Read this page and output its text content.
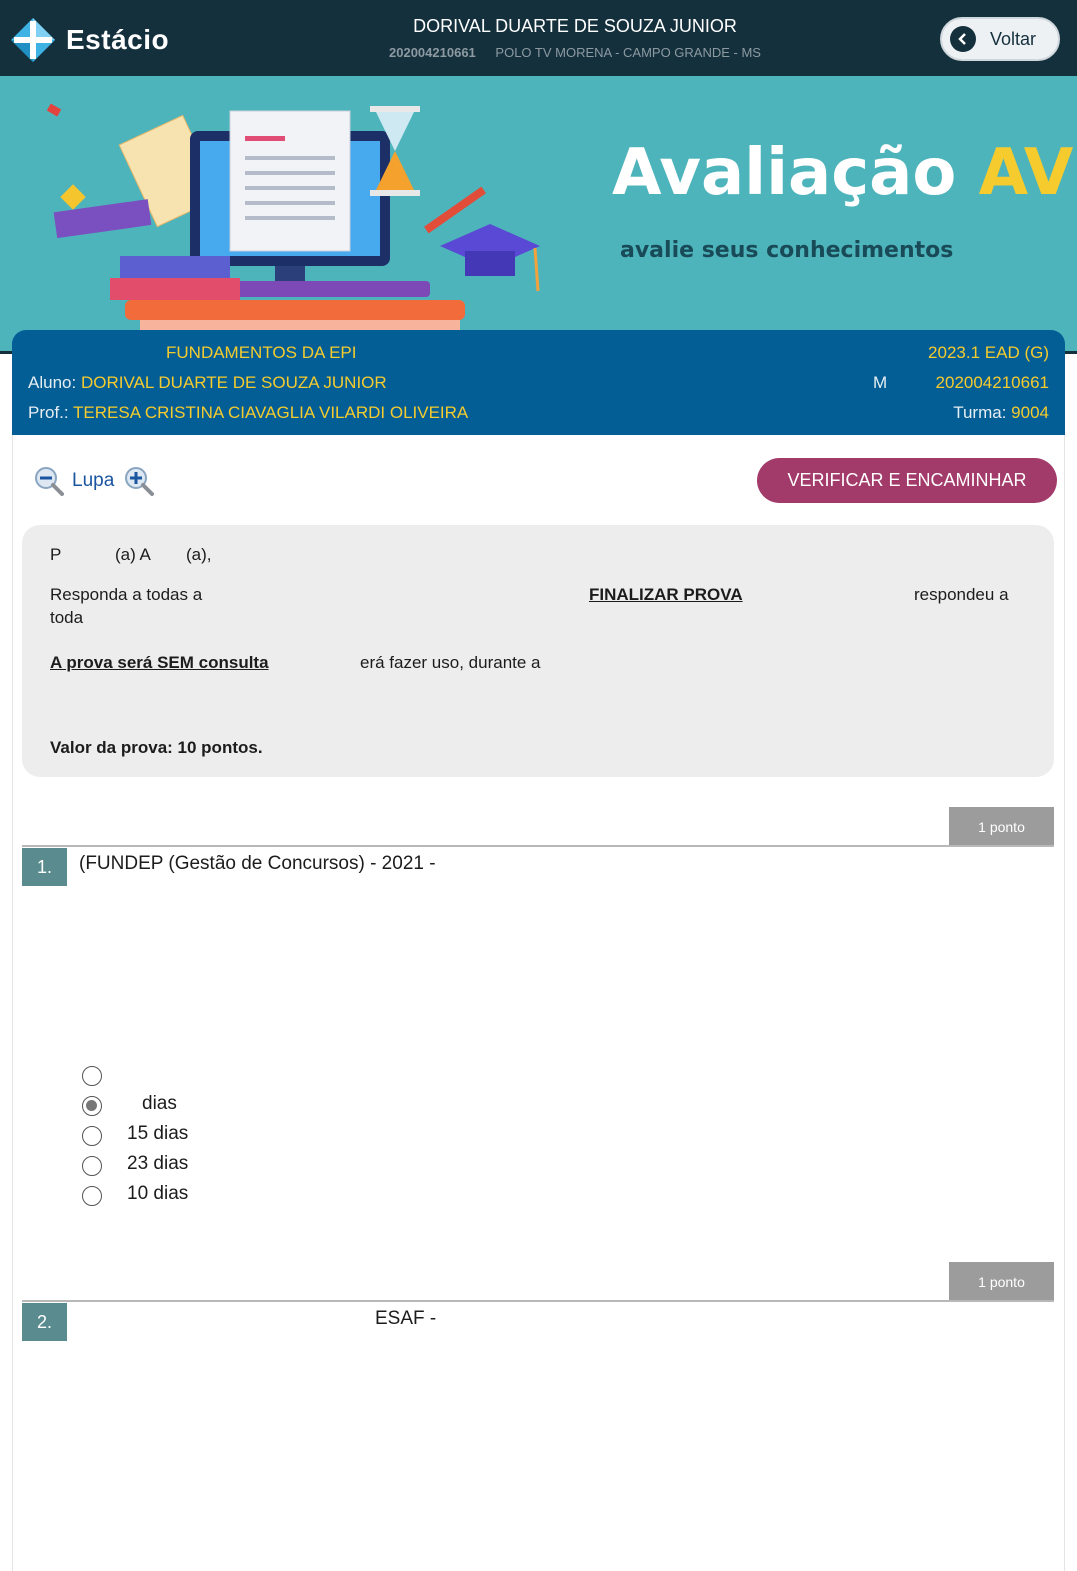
Estácio	DORIVAL DUARTE DE SOUZA JUNIOR
202004210661 POLO TV MORENA - CAMPO GRANDE - MS
Voltar
Avaliação AV
avalie seus conhecimentos
FUNDAMENTOS DA EPI	2023.1 EAD (G)
Aluno: DORIVAL DUARTE DE SOUZA JUNIOR	M	202004210661
Prof.: TERESA CRISTINA CIAVAGLIA VILARDI OLIVEIRA	Turma: 9004
Lupa	VERIFICAR E ENCAMINHAR
P	(a) A (a),
Responda a todas a	FINALIZAR PROVA	respondeu a
toda
A prova será SEM consulta	erá fazer uso, durante a
Valor da prova: 10 pontos.
1 ponto
1.	(FUNDEP (Gestão de Concursos) - 2021 -
dias
15 dias
23 dias
10 dias
1 ponto
2.	ESAF -
